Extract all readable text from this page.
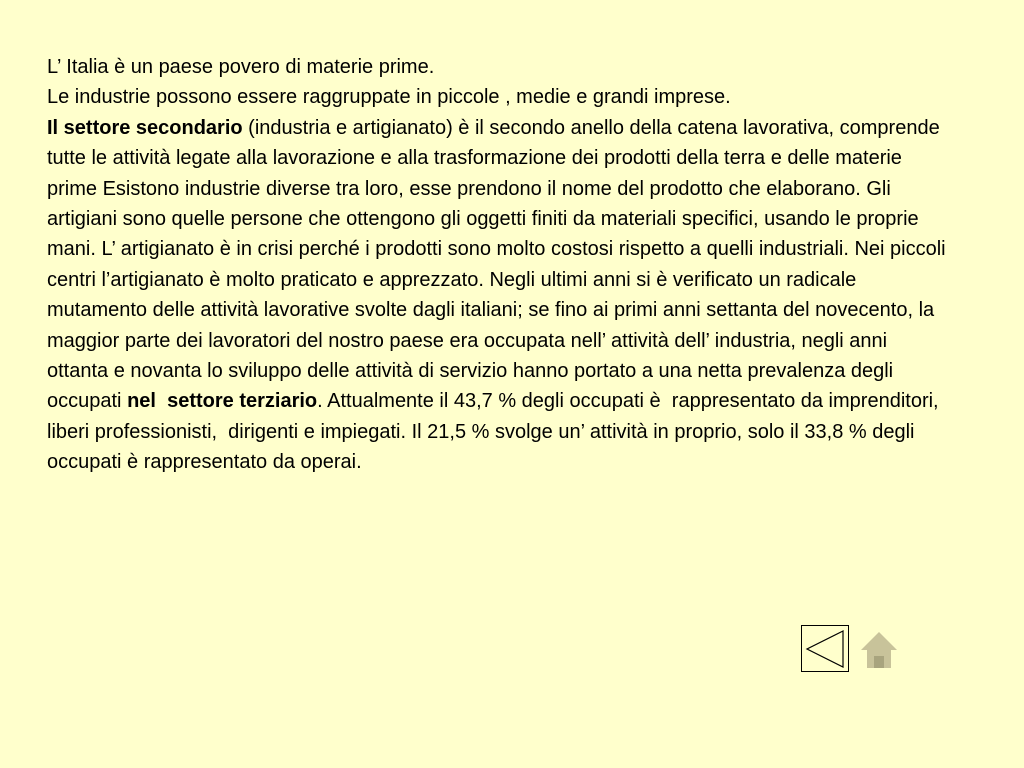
L’ Italia è un paese povero di materie prime.
Le industrie possono essere raggruppate in piccole , medie e grandi imprese.
Il settore secondario (industria e artigianato) è il secondo anello della catena lavorativa, comprende tutte le attività legate alla lavorazione e alla trasformazione dei prodotti della terra e delle materie prime Esistono industrie diverse tra loro, esse prendono il nome del prodotto che elaborano. Gli artigiani sono quelle persone che ottengono gli oggetti finiti da materiali specifici, usando le proprie mani. L’ artigianato è in crisi perché i prodotti sono molto costosi rispetto a quelli industriali. Nei piccoli centri l’artigianato è molto praticato e apprezzato. Negli ultimi anni si è verificato un radicale mutamento delle attività lavorative svolte dagli italiani; se fino ai primi anni settanta del novecento, la maggior parte dei lavoratori del nostro paese era occupata nell’ attività dell’ industria, negli anni ottanta e novanta lo sviluppo delle attività di servizio hanno portato a una netta prevalenza degli occupati nel  settore terziario. Attualmente il 43,7 % degli occupati è  rappresentato da imprenditori, liberi professionisti,  dirigenti e impiegati. Il 21,5 % svolge un’ attività in proprio, solo il 33,8 % degli occupati è rappresentato da operai.
